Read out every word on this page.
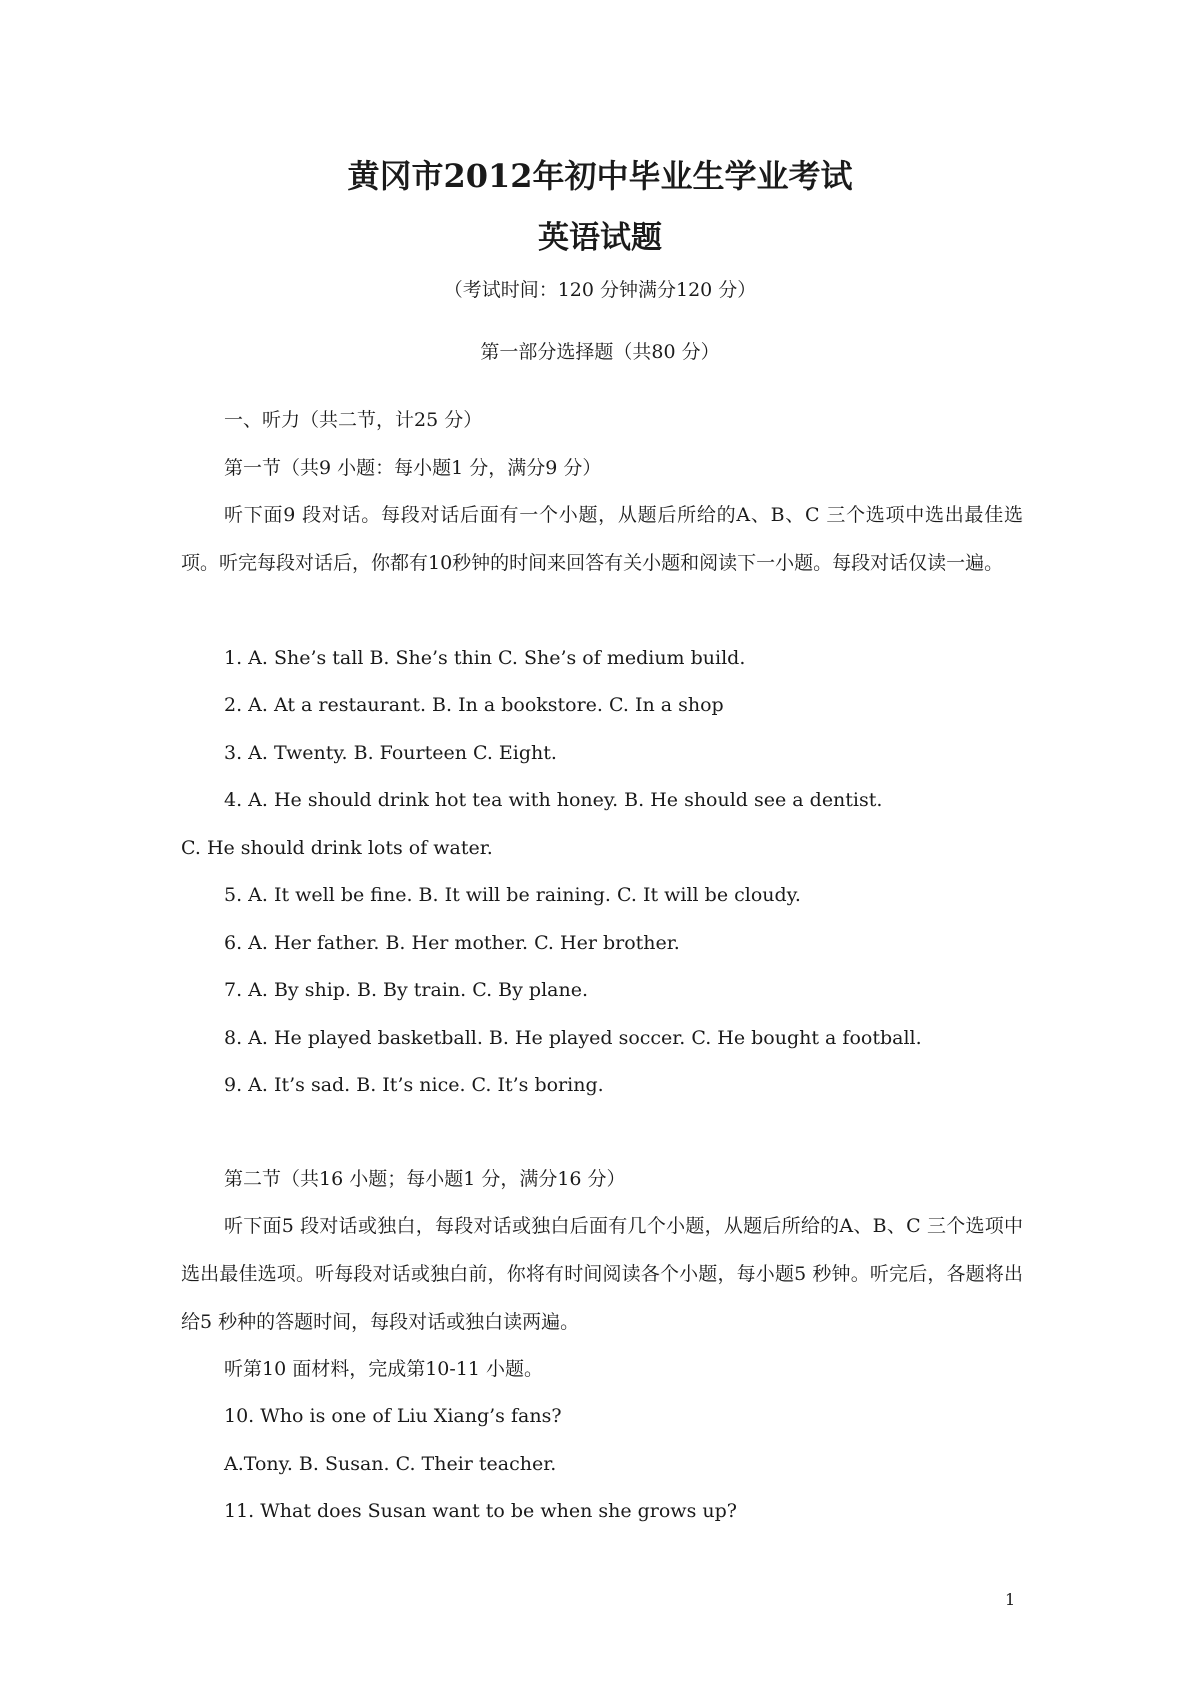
黄冈市2012年初中毕业生学业考试
英语试题
（考试时间：120 分钟满分120 分）
第一部分选择题（共80 分）
一、听力（共二节，计25 分）
第一节（共9 小题：每小题1 分，满分9 分）
听下面9 段对话。每段对话后面有一个小题，从题后所给的A、B、C 三个选项中选出最佳选项。听完每段对话后，你都有10秒钟的时间来回答有关小题和阅读下一小题。每段对话仅读一遍。
1. A. She’s tall B. She’s thin C. She’s of medium build.
2. A. At a restaurant. B. In a bookstore. C. In a shop
3. A. Twenty. B. Fourteen C. Eight.
4. A. He should drink hot tea with honey. B. He should see a dentist.
C. He should drink lots of water.
5. A. It well be fine. B. It will be raining. C. It will be cloudy.
6. A. Her father. B. Her mother. C. Her brother.
7. A. By ship. B. By train. C. By plane.
8. A. He played basketball. B. He played soccer. C. He bought a football.
9. A. It’s sad. B. It’s nice. C. It’s boring.
第二节（共16 小题；每小题1 分，满分16 分）
听下面5 段对话或独白，每段对话或独白后面有几个小题，从题后所给的A、B、C 三个选项中选出最佳选项。听每段对话或独白前，你将有时间阅读各个小题，每小题5 秒钟。听完后，各题将出给5 秒种的答题时间，每段对话或独白读两遍。
听第10 面材料，完成第10-11 小题。
10. Who is one of Liu Xiang’s fans?
A.Tony. B. Susan. C. Their teacher.
11. What does Susan want to be when she grows up?
1
